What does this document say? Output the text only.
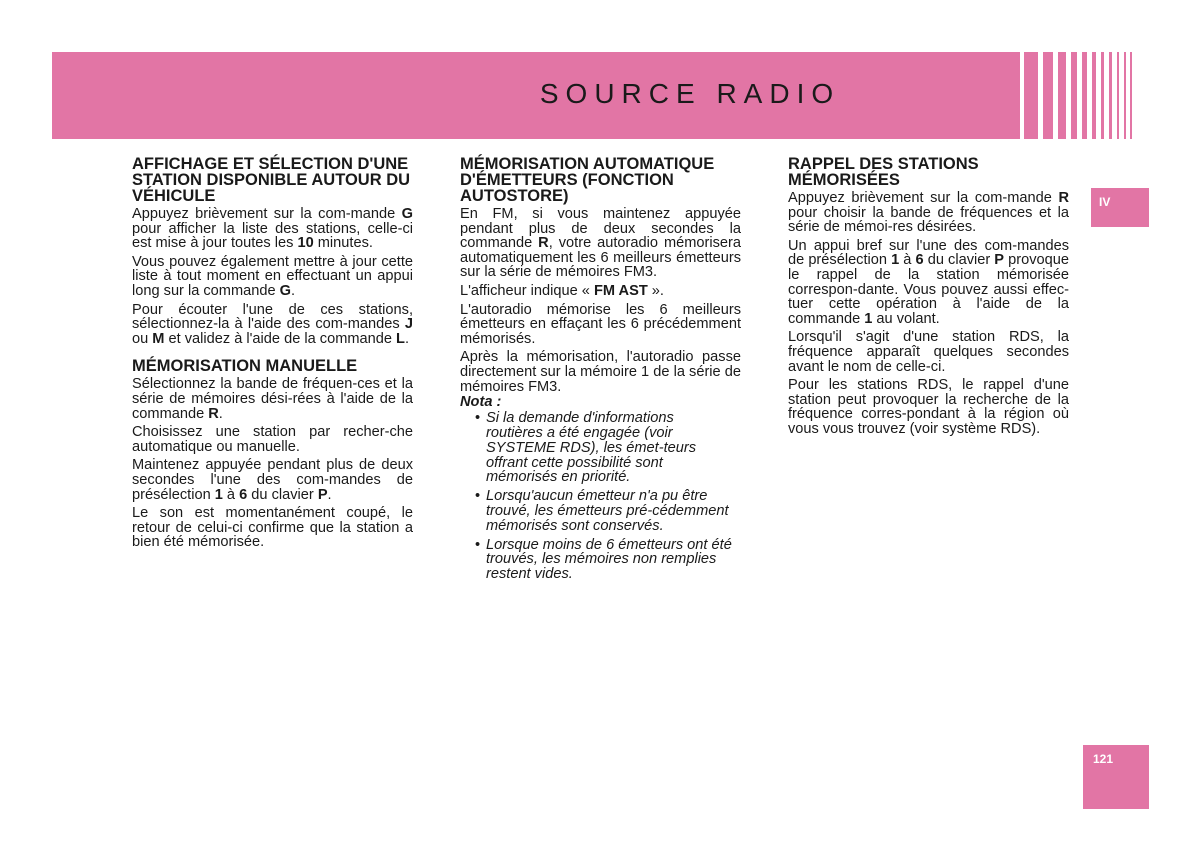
SOURCE RADIO
IV
121
AFFICHAGE ET SÉLECTION D'UNE STATION DISPONIBLE AUTOUR DU VÉHICULE

Appuyez brièvement sur la com-mande G pour afficher la liste des stations, celle-ci est mise à jour toutes les 10 minutes.

Vous pouvez également mettre à jour cette liste à tout moment en effectuant un appui long sur la commande G.

Pour écouter l'une de ces stations, sélectionnez-la à l'aide des com-mandes J ou M et validez à l'aide de la commande L.

MÉMORISATION MANUELLE

Sélectionnez la bande de fréquen-ces et la série de mémoires dési-rées à l'aide de la commande R.

Choisissez une station par recher-che automatique ou manuelle.

Maintenez appuyée pendant plus de deux secondes l'une des com-mandes de présélection 1 à 6 du clavier P.

Le son est momentanément coupé, le retour de celui-ci confirme que la station a bien été mémorisée.

MÉMORISATION AUTOMATIQUE D'ÉMETTEURS (FONCTION AUTOSTORE)

En FM, si vous maintenez appuyée pendant plus de deux secondes la commande R, votre autoradio mémorisera automatiquement les 6 meilleurs émetteurs sur la série de mémoires FM3.

L'afficheur indique « FM AST ».

L'autoradio mémorise les 6 meilleurs émetteurs en effaçant les 6 précédemment mémorisés.

Après la mémorisation, l'autoradio passe directement sur la mémoire 1 de la série de mémoires FM3.

Nota :
• Si la demande d'informations routières a été engagée (voir SYSTEME RDS), les émet-teurs offrant cette possibilité sont mémorisés en priorité.
• Lorsqu'aucun émetteur n'a pu être trouvé, les émetteurs pré-cédemment mémorisés sont conservés.
• Lorsque moins de 6 émetteurs ont été trouvés, les mémoires non remplies restent vides.
RAPPEL DES STATIONS MÉMORISÉES

Appuyez brièvement sur la com-mande R pour choisir la bande de fréquences et la série de mémoi-res désirées.

Un appui bref sur l'une des com-mandes de présélection 1 à 6 du clavier P provoque le rappel de la station mémorisée correspon-dante. Vous pouvez aussi effec-tuer cette opération à l'aide de la commande 1 au volant.

Lorsqu'il s'agit d'une station RDS, la fréquence apparaît quelques secondes avant le nom de celle-ci.

Pour les stations RDS, le rappel d'une station peut provoquer la recherche de la fréquence corres-pondant à la région où vous vous trouvez (voir système RDS).
